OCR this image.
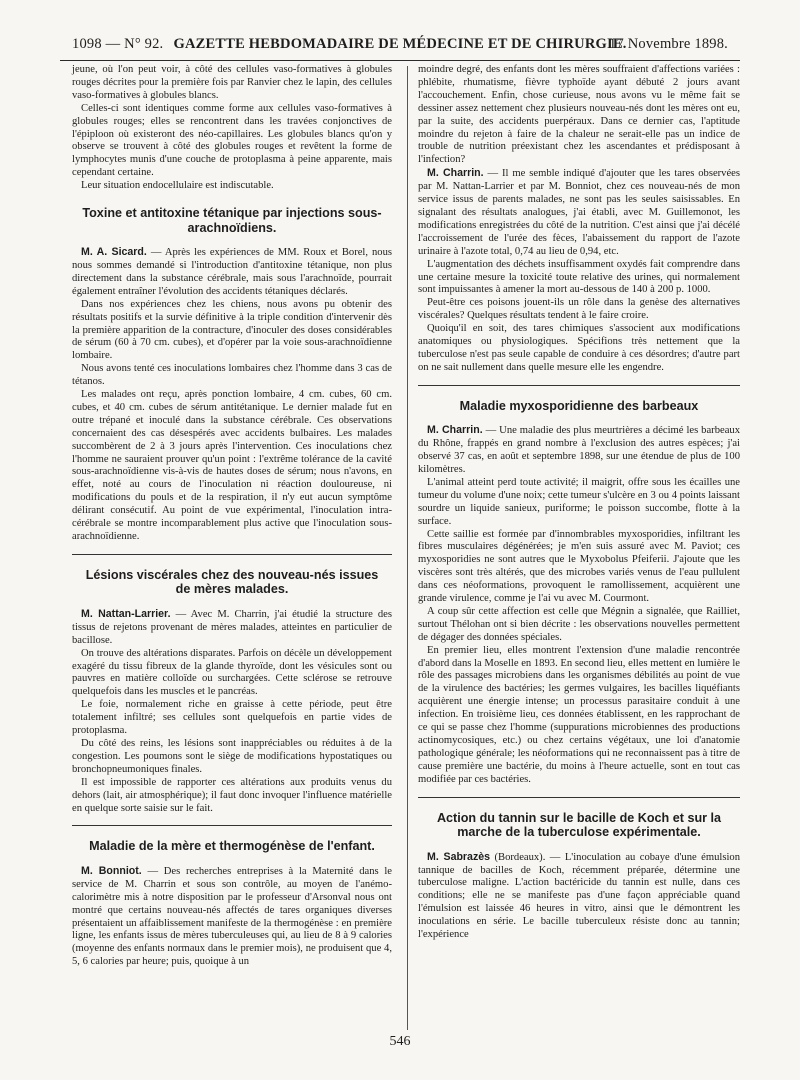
1098 — N° 92. GAZETTE HEBDOMADAIRE DE MÉDECINE ET DE CHIRURGIE.
17 Novembre 1898.

jeune, où l'on peut voir, à côté des cellules vaso-formatives à globules rouges décrites pour la première fois par Ranvier chez le lapin, des cellules vaso-formatives à globules blancs.

Celles-ci sont identiques comme forme aux cellules vaso-formatives à globules rouges; elles se rencontrent dans les travées conjonctives de l'épiploon où existeront des néo-capillaires. Les globules blancs qu'on y observe se trouvent à côté des globules rouges et revêtent la forme de lymphocytes munis d'une couche de protoplasma à peine apparente, mais cependant certaine.

Leur situation endocellulaire est indiscutable.

Toxine et antitoxine tétanique par injections sous-arachnoïdiens.

M. A. Sicard. — Après les expériences de MM. Roux et Borel, nous nous sommes demandé si l'introduction d'antitoxine tétanique, non plus directement dans la substance cérébrale, mais sous l'arachnoïde, pourrait également entraîner l'évolution des accidents tétaniques déclarés.

Dans nos expériences chez les chiens, nous avons pu obtenir des résultats positifs et la survie définitive à la triple condition d'intervenir dès la première apparition de la contracture, d'inoculer des doses considérables de sérum (60 à 70 cm. cubes), et d'opérer par la voie sous-arachnoïdienne lombaire.

Nous avons tenté ces inoculations lombaires chez l'homme dans 3 cas de tétanos.

Les malades ont reçu, après ponction lombaire, 4 cm. cubes, 60 cm. cubes, et 40 cm. cubes de sérum antitétanique. Le dernier malade fut en outre trépané et inoculé dans la substance cérébrale. Ces observations concernaient des cas désespérés avec accidents bulbaires. Les malades succombèrent de 2 à 3 jours après l'intervention. Ces inoculations chez l'homme ne sauraient prouver qu'un point : l'extrême tolérance de la cavité sous-arachnoïdienne vis-à-vis de hautes doses de sérum; nous n'avons, en effet, noté au cours de l'inoculation ni réaction douloureuse, ni modifications du pouls et de la respiration, il n'y eut aucun symptôme délirant consécutif. Au point de vue expérimental, l'inoculation intra-cérébrale se montre incomparablement plus active que l'inoculation sous-arachnoïdienne.

Lésions viscérales chez des nouveau-nés issues de mères malades.

M. Nattan-Larrier. — Avec M. Charrin, j'ai étudié la structure des tissus de rejetons provenant de mères malades, atteintes en particulier de bacillose.

On trouve des altérations disparates. Parfois on décèle un développement exagéré du tissu fibreux de la glande thyroïde, dont les vésicules sont ou pauvres en matière colloïde ou surchargées. Cette sclérose se retrouve quelquefois dans les muscles et le pancréas.

Le foie, normalement riche en graisse à cette période, peut être totalement infiltré; ses cellules sont quelquefois en partie vides de protoplasma.

Du côté des reins, les lésions sont inappréciables ou réduites à de la congestion. Les poumons sont le siège de modifications hypostatiques ou bronchopneumoniques finales.

Il est impossible de rapporter ces altérations aux produits venus du dehors (lait, air atmosphérique); il faut donc invoquer l'influence matérielle en quelque sorte saisie sur le fait.

Maladie de la mère et thermogénèse de l'enfant.

M. Bonniot. — Des recherches entreprises à la Maternité dans le service de M. Charrin et sous son contrôle, au moyen de l'anémo-calorimètre mis à notre disposition par le professeur d'Arsonval nous ont montré que certains nouveau-nés affectés de tares organiques diverses présentaient un affaiblissement manifeste de la thermogénèse : en première ligne, les enfants issus de mères tuberculeuses qui, au lieu de 8 à 9 calories (moyenne des enfants normaux dans le premier mois), ne produisent que 4, 5, 6 calories par heure; puis, quoique à un

moindre degré, des enfants dont les mères souffraient d'affections variées : phlébite, rhumatisme, fièvre typhoïde ayant débuté 2 jours avant l'accouchement. Enfin, chose curieuse, nous avons vu le même fait se dessiner assez nettement chez plusieurs nouveau-nés dont les mères ont eu, par la suite, des accidents puerpéraux. Dans ce dernier cas, l'aptitude moindre du rejeton à faire de la chaleur ne serait-elle pas un indice de trouble de nutrition préexistant chez les ascendantes et prédisposant à l'infection?

M. Charrin. — Il me semble indiqué d'ajouter que les tares observées par M. Nattan-Larrier et par M. Bonniot, chez ces nouveau-nés de mon service issus de parents malades, ne sont pas les seules saisissables. En signalant des résultats analogues, j'ai établi, avec M. Guillemonot, les modifications enregistrées du côté de la nutrition. C'est ainsi que j'ai décélé l'accroissement de l'urée des fèces, l'abaissement du rapport de l'azote urinaire à l'azote total, 0,74 au lieu de 0,94, etc.

L'augmentation des déchets insuffisamment oxydés fait comprendre dans une certaine mesure la toxicité toute relative des urines, qui normalement sont impuissantes à amener la mort au-dessous de 140 à 200 p. 1000.

Peut-être ces poisons jouent-ils un rôle dans la genèse des alternatives viscérales? Quelques résultats tendent à le faire croire.

Quoiqu'il en soit, des tares chimiques s'associent aux modifications anatomiques ou physiologiques. Spécifions très nettement que la tuberculose n'est pas seule capable de conduire à ces désordres; d'autre part on ne sait nullement dans quelle mesure elle les engendre.

Maladie myxosporidienne des barbeaux

M. Charrin. — Une maladie des plus meurtrières a décimé les barbeaux du Rhône, frappés en grand nombre à l'exclusion des autres espèces; j'ai observé 37 cas, en août et septembre 1898, sur une étendue de plus de 100 kilomètres.

L'animal atteint perd toute activité; il maigrit, offre sous les écailles une tumeur du volume d'une noix; cette tumeur s'ulcère en 3 ou 4 points laissant sourdre un liquide sanieux, puriforme; le poisson succombe, flotte à la surface.

Cette saillie est formée par d'innombrables myxosporidies, infiltrant les fibres musculaires dégénérées; je m'en suis assuré avec M. Paviot; ces myxosporidies ne sont autres que le Myxobolus Pfeiferii. J'ajoute que les viscères sont très altérés, que des microbes variés venus de l'eau pullulent dans ces néoformations, provoquent le ramollissement, acquièrent une grande virulence, comme je l'ai vu avec M. Courmont.

A coup sûr cette affection est celle que Mégnin a signalée, que Railliet, surtout Thélohan ont si bien décrite : les observations nouvelles permettent de dégager des données spéciales.

En premier lieu, elles montrent l'extension d'une maladie rencontrée d'abord dans la Moselle en 1893. En second lieu, elles mettent en lumière le rôle des passages microbiens dans les organismes débilités au point de vue de la virulence des bactéries; les germes vulgaires, les bacilles liquéfiants acquièrent une énergie intense; un processus parasitaire conduit à une infection. En troisième lieu, ces données établissent, en les rapprochant de ce qui se passe chez l'homme (suppurations microbiennes des productions actinomycosiques, etc.) ou chez certains végétaux, une loi d'anatomie pathologique générale; les néoformations qui ne reconnaissent pas à titre de cause première une bactérie, du moins à l'heure actuelle, sont en tout cas modifiée par ces bactéries.

Action du tannin sur le bacille de Koch et sur la marche de la tuberculose expérimentale.

M. Sabrazès (Bordeaux). — L'inoculation au cobaye d'une émulsion tannique de bacilles de Koch, récemment préparée, détermine une tuberculose maligne. L'action bactéricide du tannin est nulle, dans ces conditions; elle ne se manifeste pas d'une façon appréciable quand l'émulsion est laissée 46 heures in vitro, ainsi que le démontrent les inoculations en série. Le bacille tuberculeux résiste donc au tannin; l'expérience

546
